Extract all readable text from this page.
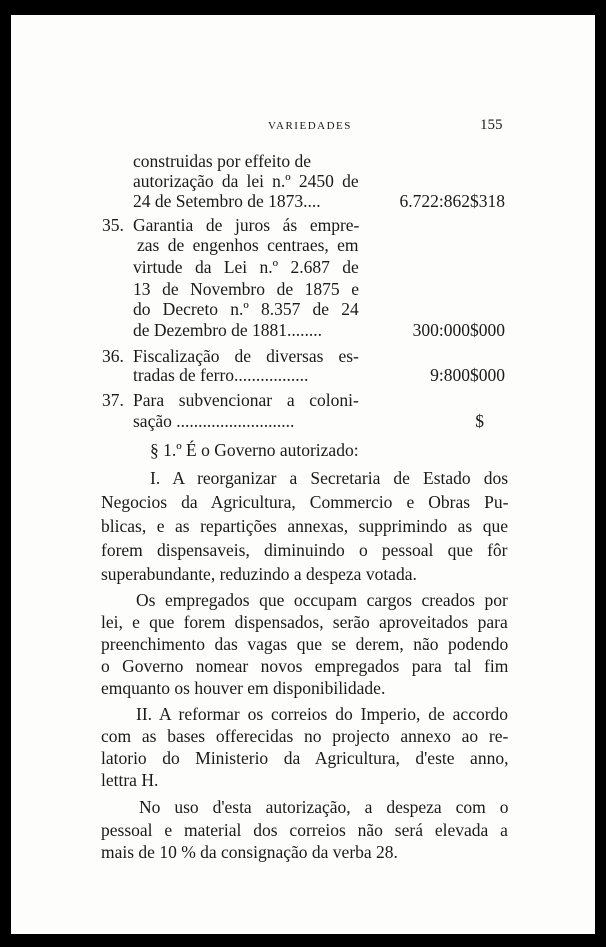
VARIEDADES	155
construidas por effeito de
autorização da lei n.º 2450 de
24 de Setembro de 1873....	6.722:862$318
35. Garantia de juros ás empre-
zas de engenhos centraes, em
virtude da Lei n.º 2.687 de
13 de Novembro de 1875 e
do Decreto n.º 8.357 de 24
de Dezembro de 1881........	300:000$000
36. Fiscalização de diversas es-
tradas de ferro.................	9:800$000
37. Para subvencionar a coloni-
sação ...........................	$
§ 1.º É o Governo autorizado:
I. A reorganizar a Secretaria de Estado dos
Negocios da Agricultura, Commercio e Obras Pu-
blicas, e as repartições annexas, supprimindo as que
forem dispensaveis, diminuindo o pessoal que fôr
superabundante, reduzindo a despeza votada.
Os empregados que occupam cargos creados por
lei, e que forem dispensados, serão aproveitados para
preenchimento das vagas que se derem, não podendo
o Governo nomear novos empregados para tal fim
emquanto os houver em disponibilidade.
II. A reformar os correios do Imperio, de accordo
com as bases offerecidas no projecto annexo ao re-
latorio do Ministerio da Agricultura, d'este anno,
lettra H.
No uso d'esta autorização, a despeza com o
pessoal e material dos correios não será elevada a
mais de 10 % da consignação da verba 28.
